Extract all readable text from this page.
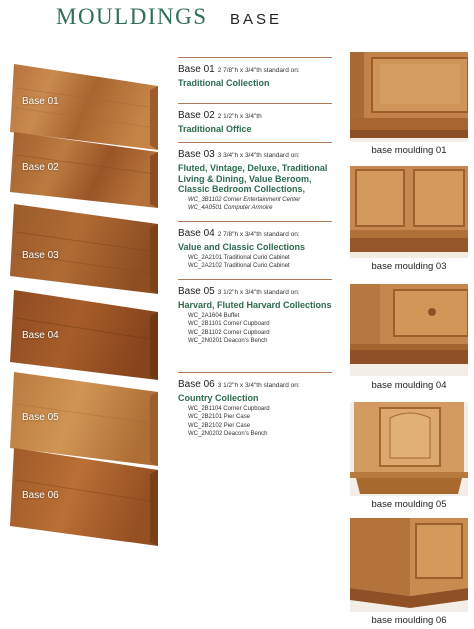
MOULDINGS BASE
Base 01
Base 02
Base 03
Base 04
Base 05
Base 06
Base 01 2 7/8"h x 3/4"th standard on:
Traditional Collection
Base 02 2 1/2"h x 3/4"th
Traditional Office
Base 03 3 3/4"h x 3/4"th standard on:
Fluted, Vintage, Deluxe, Traditional Living & Dining, Value Beroom, Classic Bedroom Collections,
WC_3B1102 Corner Entertainment Center
WC_4A0501 Computer Armoire
Base 04 2 7/8"h x 3/4"th standard on:
Value and Classic Collections
WC_2A2101 Traditional Curio Cabinet
WC_2A2102 Traditional Curio Cabinet
Base 05 3 1/2"h x 3/4"th standard on:
Harvard, Fluted Harvard Collections
WC_2A1604 Buffet
WC_2B1101 Corner Cupboard
WC_2B1102 Corner Cupboard
WC_2N0201 Deacon's Bench
Base 06 3 1/2"h x 3/4"th standard on:
Country Collection
WC_2B1104 Corner Cupboard
WC_2B2101 Pier Case
WC_2B2102 Pier Case
WC_2N0202 Deacon's Bench
base moulding 01
base moulding 03
base moulding 04
base moulding 05
base moulding 06
